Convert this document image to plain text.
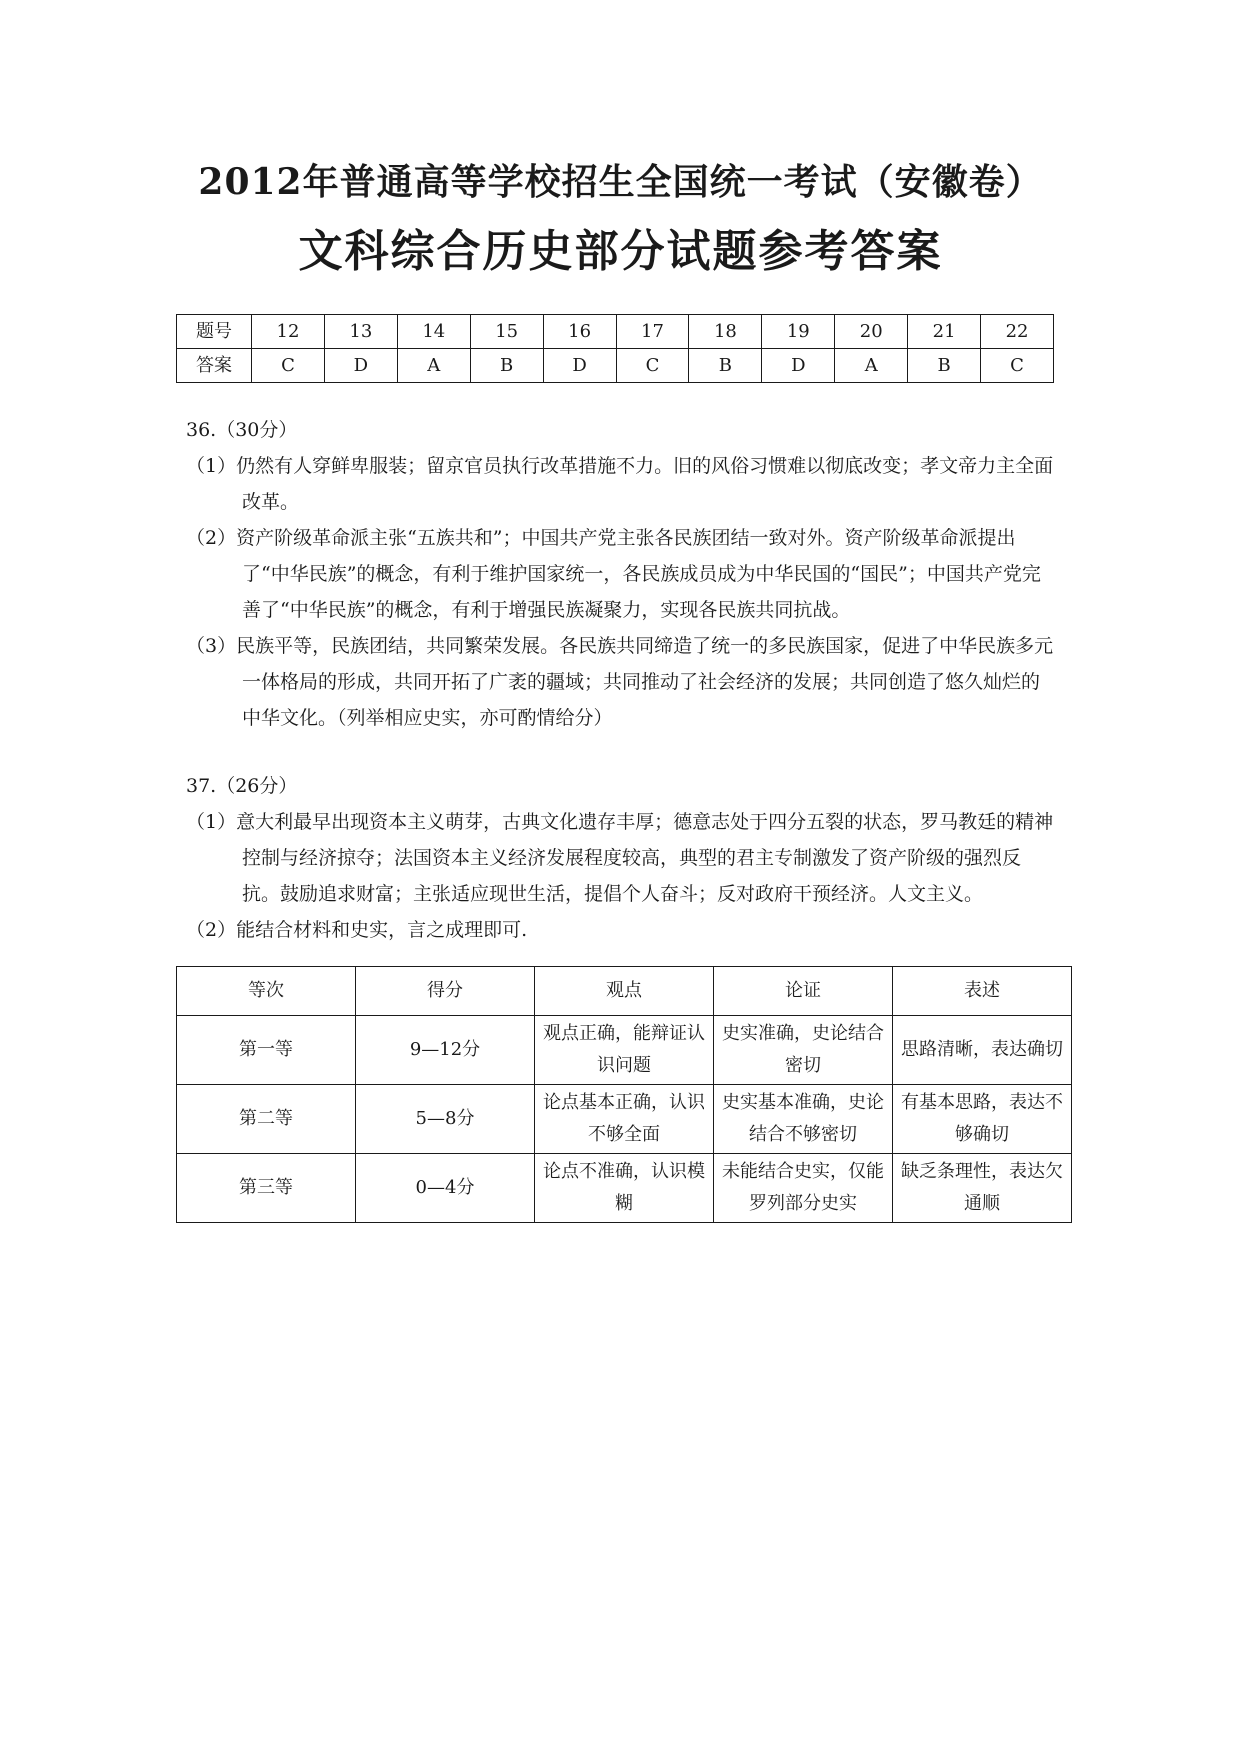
2012年普通高等学校招生全国统一考试（安徽卷）
文科综合历史部分试题参考答案
题号	12	13	14	15	16	17	18	19	20	21	22
答案	C	D	A	B	D	C	B	D	A	B	C

36.（30分）

（1）仍然有人穿鲜卑服装；留京官员执行改革措施不力。旧的风俗习惯难以彻底改变；孝文帝力主全面改革。

（2）资产阶级革命派主张“五族共和”；中国共产党主张各民族团结一致对外。资产阶级革命派提出了“中华民族”的概念，有利于维护国家统一，各民族成员成为中华民国的“国民”；中国共产党完善了“中华民族”的概念，有利于增强民族凝聚力，实现各民族共同抗战。

（3）民族平等，民族团结，共同繁荣发展。各民族共同缔造了统一的多民族国家，促进了中华民族多元一体格局的形成，共同开拓了广袤的疆域；共同推动了社会经济的发展；共同创造了悠久灿烂的中华文化。（列举相应史实，亦可酌情给分）

37.（26分）

（1）意大利最早出现资本主义萌芽，古典文化遗存丰厚；德意志处于四分五裂的状态，罗马教廷的精神控制与经济掠夺；法国资本主义经济发展程度较高，典型的君主专制激发了资产阶级的强烈反抗。鼓励追求财富；主张适应现世生活，提倡个人奋斗；反对政府干预经济。人文主义。

（2）能结合材料和史实，言之成理即可.

等次	得分	观点	论证	表述
第一等	9—12分	观点正确，能辩证认识问题	史实准确，史论结合密切	思路清晰，表达确切
第二等	5—8分	论点基本正确，认识不够全面	史实基本准确，史论结合不够密切	有基本思路，表达不够确切
第三等	0—4分	论点不准确，认识模糊	未能结合史实，仅能罗列部分史实	缺乏条理性，表达欠通顺
